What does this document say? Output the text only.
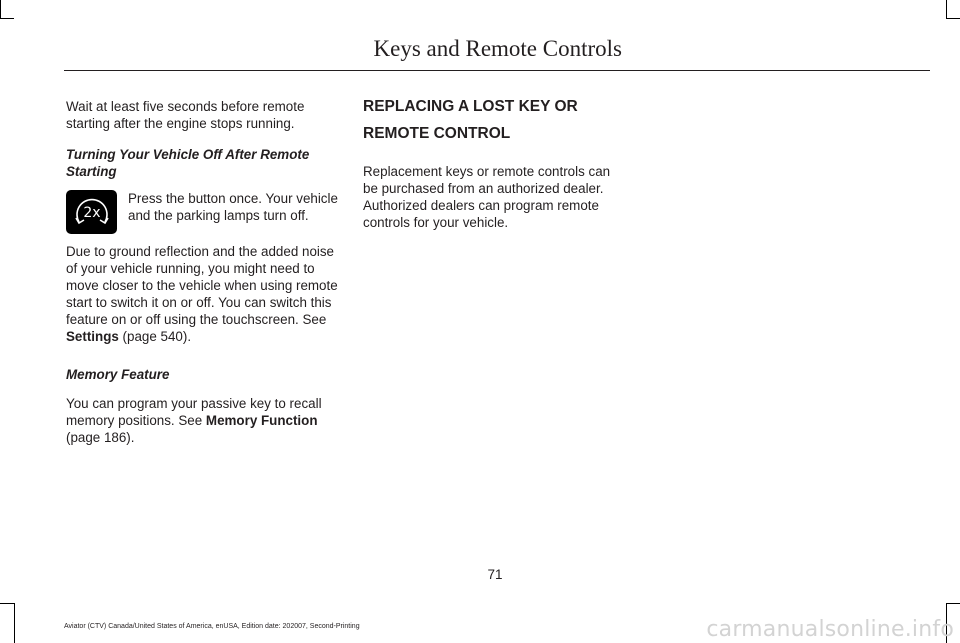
Keys and Remote Controls

Wait at least five seconds before remote starting after the engine stops running.

Turning Your Vehicle Off After Remote Starting

2x

Press the button once. Your vehicle and the parking lamps turn off.

Due to ground reflection and the added noise of your vehicle running, you might need to move closer to the vehicle when using remote start to switch it on or off. You can switch this feature on or off using the touchscreen. See Settings (page 540).

Memory Feature

You can program your passive key to recall memory positions. See Memory Function (page 186).

REPLACING A LOST KEY OR

REMOTE CONTROL

Replacement keys or remote controls can be purchased from an authorized dealer. Authorized dealers can program remote controls for your vehicle.

71
Aviator (CTV) Canada/United States of America, enUSA, Edition date: 202007, Second-Printing	carmanualsonline.info
